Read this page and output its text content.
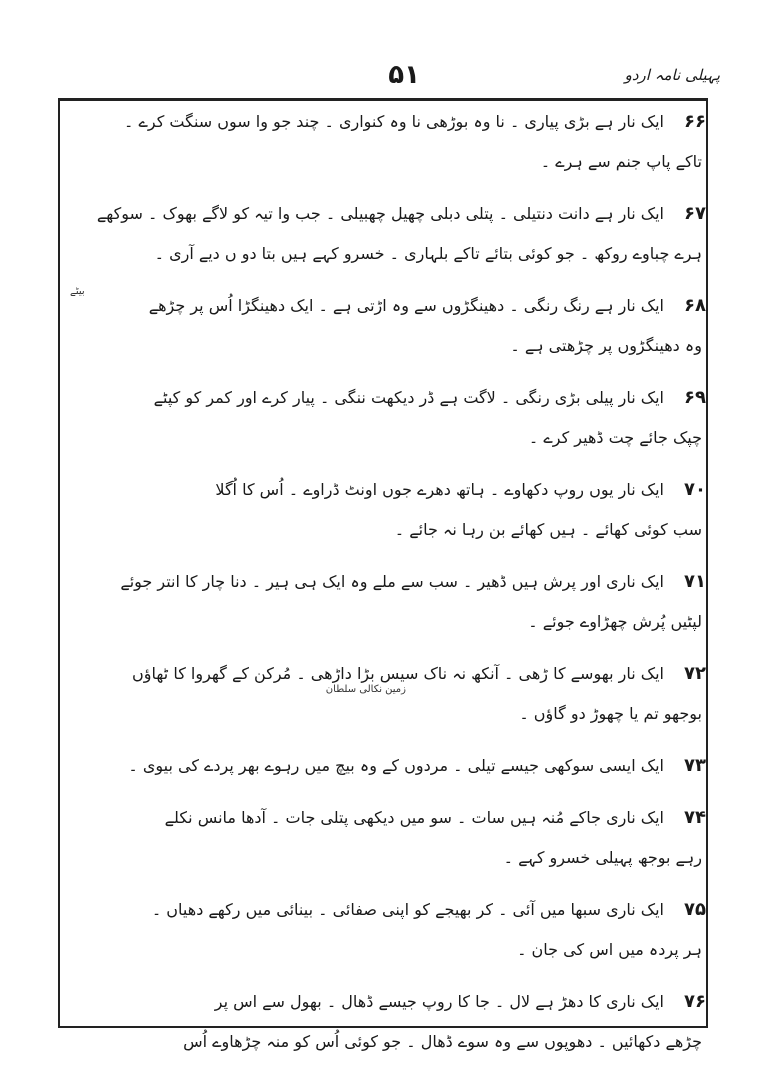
پہیلی نامہ اردو
۵۱
۶۶ایک نار ہے بڑی پیاری ۔ نا وہ بوڑھی نا وہ کنواری ۔ چند جو وا سوں سنگت کرے ۔
تاکے پاپ جنم سے ہرے ۔
۶۷ایک نار ہے دانت دنتیلی ۔ پتلی دبلی چھیل چھبیلی ۔ جب وا تیہ کو لاگے بھوک ۔ سوکھے
ہرے چباوے روکھ ۔ جو کوئی بتائے تاکے بلہاری ۔ خسرو کہے ہیں بتا دو ں دیے آری ۔
بیٹے
۶۸ایک نار ہے رنگ رنگی ۔ دھینگڑوں سے وہ اڑتی ہے ۔ ایک دھینگڑا اُس پر چڑھے
وہ دھینگڑوں پر چڑھتی ہے ۔
۶۹ایک نار پیلی بڑی رنگی ۔ لاگت ہے ڈر دیکھت ننگی ۔ پیار کرے اور کمر کو کپٹے
چپک جائے چت ڈھیر کرے ۔
۷۰ایک نار یوں روپ دکھاوے ۔ ہاتھ دھرے جوں اونٹ ڈراوے ۔ اُس کا اُگلا
سب کوئی کھائے ۔ ہیں کھائے بن رہا نہ جائے ۔
۷۱ایک ناری اور پرش ہیں ڈھیر ۔ سب سے ملے وہ ایک ہی ہیر ۔ دنا چار کا انتر جوئے
لپٹیں پُرش چھڑاوے جوئے ۔
زمین نکالی سلطان
۷۲ایک نار بھوسے کا ڑھی ۔ آنکھ نہ ناک سیس بڑا داڑھی ۔ مُرکن کے گھروا کا ٹھاؤں
بوجھو تم یا چھوڑ دو گاؤں ۔
۷۳ایک ایسی سوکھی جیسے تیلی ۔ مردوں کے وہ بیچ میں رہوے بھر پردے کی بیوی ۔
۷۴ایک ناری جاکے مُنہ ہیں سات ۔ سو میں دیکھی پتلی جات ۔ آدھا مانس نکلے
رہے بوجھ پہیلی خسرو کہے ۔
۷۵ایک ناری سبھا میں آئی ۔ کر بھیجے کو اپنی صفائی ۔ بینائی میں رکھے دھیاں ۔
ہر پردہ میں اس کی جان ۔
۷۶ایک ناری کا دھڑ ہے لال ۔ جا کا روپ جیسے ڈھال ۔ بھول سے اس پر
چڑھے دکھائیں ۔ دھوپوں سے وہ سوے ڈھال ۔ جو کوئی اُس کو منہ چڑھاوے اُس
